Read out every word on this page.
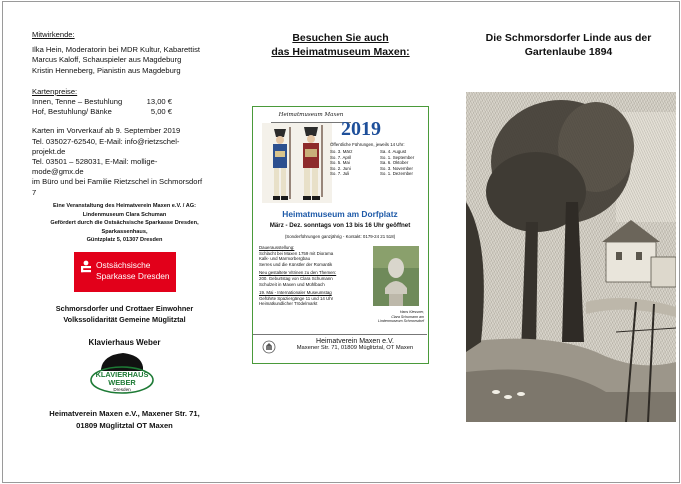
Mitwirkende:
Ilka Hein, Moderatorin bei MDR Kultur, Kabarettist
Marcus Kaloff, Schauspieler aus Magdeburg
Kristin Henneberg, Pianistin aus Magdeburg
Kartenpreise:
Innen, Tenne – Bestuhlung	13,00 €
Hof, Bestuhlung/ Bänke	5,00 €
Karten im Vorverkauf ab 9. September 2019
Tel. 035027-62540, E-Mail: info@rietzschel-projekt.de
Tel. 03501 – 528031, E-Mail: mollige-mode@gmx.de
im Büro und bei Familie Rietzschel in Schmorsdorf 7
Eine Veranstaltung des Heimatverein Maxen e.V. / AG:
Lindenmuseum Clara Schuman
Gefördert durch die Ostsächsische Sparkasse Dresden,
Sparkassenhaus,
Güntzplatz 5, 01307 Dresden
Ostsächsische
Sparkasse Dresden
Schmorsdorfer und Crottaer Einwohner
Volkssolidarität Gemeine Müglitztal
Klavierhaus Weber
KLAVIERHAUS
WEBER
Dresden
Heimatverein Maxen e.V., Maxener Str. 71,
01809 Müglitztal OT Maxen
Besuchen Sie auch
das Heimatmuseum Maxen:
Heimatmuseum Maxen
2019
Öffentliche Führungen, jeweils 14 Uhr:
So. 3. März	Sa. 4. August
So. 7. April	So. 1. September
So. 5. Mai	Sa. 6. Oktober
So. 2. Juni	So. 3. November
So. 7. Juli	So. 1. Dezember
Heimatmuseum am Dorfplatz
März - Dez. sonntags von 13 bis 16 Uhr geöffnet
(Sonderführungen ganzjährig - Kontakt: 0179-24 21 518)
Dauerausstellung:
Schlacht bei Maxen 1759 mit Diorama
Kalk- und Marmorbergbau
Serres und die Künstler der Romantik
Neu gestaltete Vitrinen zu den Themen:
200. Geburtstag von Clara Schumann
Schulzeit in Maxen und Mühlbach
19. Mai - Internationaler Museumstag
Geführte Spaziergänge 11 und 14 Uhr
Heimatkundlicher Trödelmarkt
Hans Kiessner,
Clara Schumann am
Lindenmuseum Schmorsdorf
Heimatverein Maxen e.V.
Maxener Str. 71, 01809 Müglitztal, OT Maxen
Die Schmorsdorfer Linde aus der
Gartenlaube 1894
